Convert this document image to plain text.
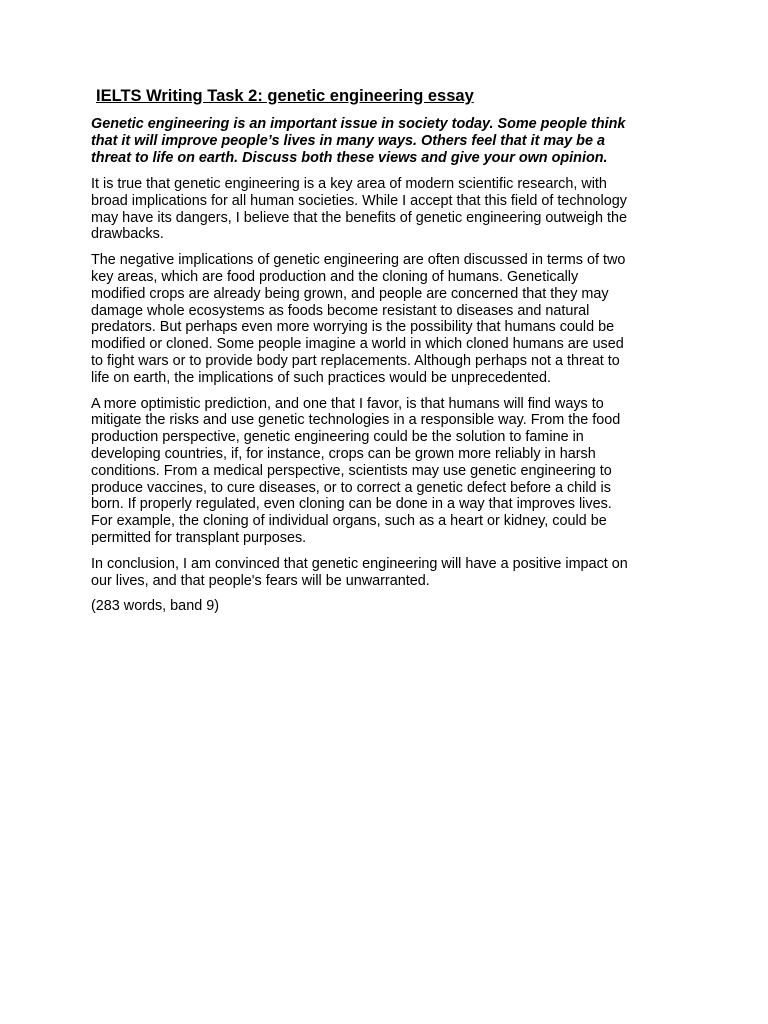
IELTS Writing Task 2: genetic engineering essay
Genetic engineering is an important issue in society today. Some people think
that it will improve people’s lives in many ways. Others feel that it may be a
threat to life on earth. Discuss both these views and give your own opinion.
It is true that genetic engineering is a key area of modern scientific research, with
broad implications for all human societies. While I accept that this field of technology
may have its dangers, I believe that the benefits of genetic engineering outweigh the
drawbacks.
The negative implications of genetic engineering are often discussed in terms of two
key areas, which are food production and the cloning of humans. Genetically
modified crops are already being grown, and people are concerned that they may
damage whole ecosystems as foods become resistant to diseases and natural
predators. But perhaps even more worrying is the possibility that humans could be
modified or cloned. Some people imagine a world in which cloned humans are used
to fight wars or to provide body part replacements. Although perhaps not a threat to
life on earth, the implications of such practices would be unprecedented.
A more optimistic prediction, and one that I favor, is that humans will find ways to
mitigate the risks and use genetic technologies in a responsible way. From the food
production perspective, genetic engineering could be the solution to famine in
developing countries, if, for instance, crops can be grown more reliably in harsh
conditions. From a medical perspective, scientists may use genetic engineering to
produce vaccines, to cure diseases, or to correct a genetic defect before a child is
born. If properly regulated, even cloning can be done in a way that improves lives.
For example, the cloning of individual organs, such as a heart or kidney, could be
permitted for transplant purposes.
In conclusion, I am convinced that genetic engineering will have a positive impact on
our lives, and that people's fears will be unwarranted.
(283 words, band 9)
